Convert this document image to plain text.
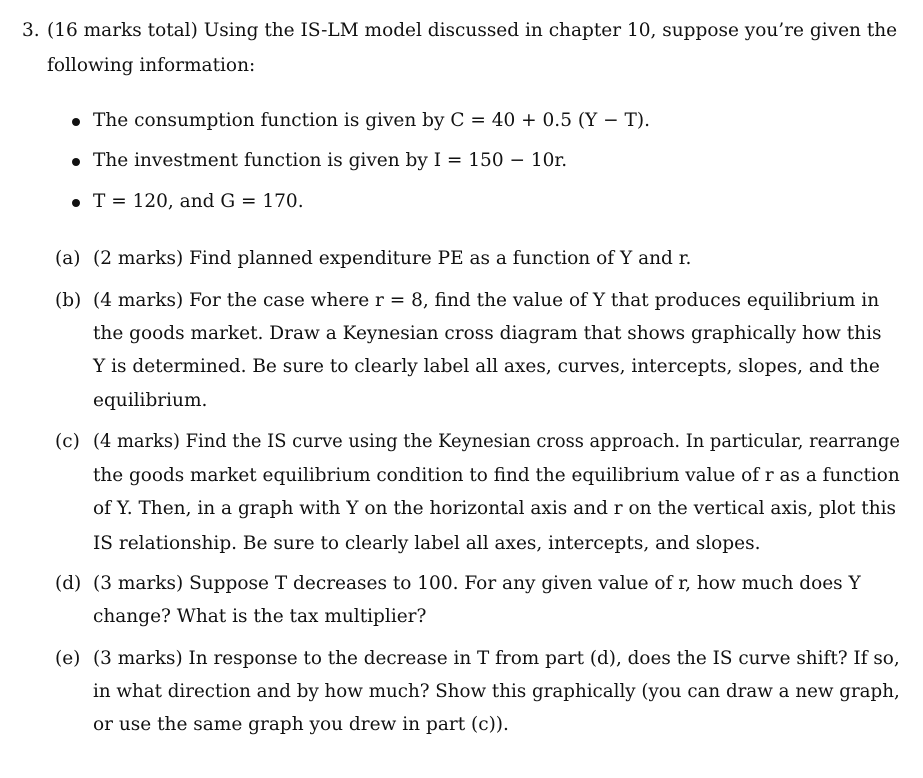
3. (16 marks total) Using the IS-LM model discussed in chapter 10, suppose you’re given the
following information:
The consumption function is given by C = 40 + 0.5 (Y − T).
The investment function is given by I = 150 − 10r.
T = 120, and G = 170.
(a) (2 marks) Find planned expenditure PE as a function of Y and r.
(b) (4 marks) For the case where r = 8, find the value of Y that produces equilibrium in
the goods market. Draw a Keynesian cross diagram that shows graphically how this
Y is determined. Be sure to clearly label all axes, curves, intercepts, slopes, and the
equilibrium.
(c) (4 marks) Find the IS curve using the Keynesian cross approach. In particular, rearrange
the goods market equilibrium condition to find the equilibrium value of r as a function
of Y. Then, in a graph with Y on the horizontal axis and r on the vertical axis, plot this
IS relationship. Be sure to clearly label all axes, intercepts, and slopes.
(d) (3 marks) Suppose T decreases to 100. For any given value of r, how much does Y
change? What is the tax multiplier?
(e) (3 marks) In response to the decrease in T from part (d), does the IS curve shift? If so,
in what direction and by how much? Show this graphically (you can draw a new graph,
or use the same graph you drew in part (c)).
